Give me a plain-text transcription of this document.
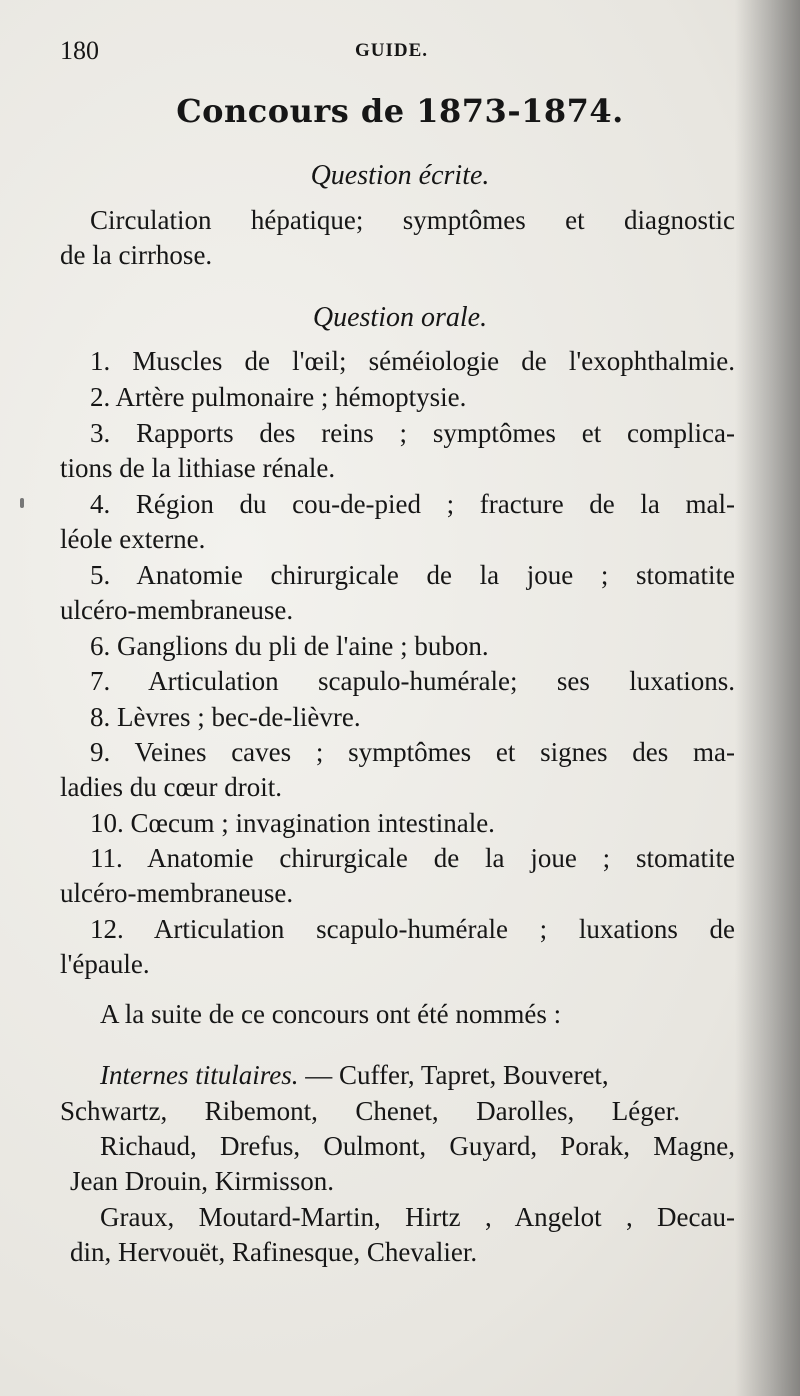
180	GUIDE.
Concours de 1873-1874.
Question écrite.
Circulation hépatique; symptômes et diagnostic
de la cirrhose.
Question orale.
1. Muscles de l'œil; séméiologie de l'exophthalmie.
2. Artère pulmonaire ; hémoptysie.
3. Rapports des reins ; symptômes et complica-
tions de la lithiase rénale.
4. Région du cou-de-pied ; fracture de la mal-
léole externe.
5. Anatomie chirurgicale de la joue ; stomatite
ulcéro-membraneuse.
6. Ganglions du pli de l'aine ; bubon.
7. Articulation scapulo-humérale; ses luxations.
8. Lèvres ; bec-de-lièvre.
9. Veines caves ; symptômes et signes des ma-
ladies du cœur droit.
10. Cœcum ; invagination intestinale.
11. Anatomie chirurgicale de la joue ; stomatite
ulcéro-membraneuse.
12. Articulation scapulo-humérale ; luxations de
l'épaule.
A la suite de ce concours ont été nommés :
Internes titulaires. — Cuffer, Tapret, Bouveret,
Schwartz, Ribemont, Chenet, Darolles, Léger.
Richaud, Drefus, Oulmont, Guyard, Porak, Magne,
Jean Drouin, Kirmisson.
Graux, Moutard-Martin, Hirtz , Angelot , Decau-
din, Hervouët, Rafinesque, Chevalier.
